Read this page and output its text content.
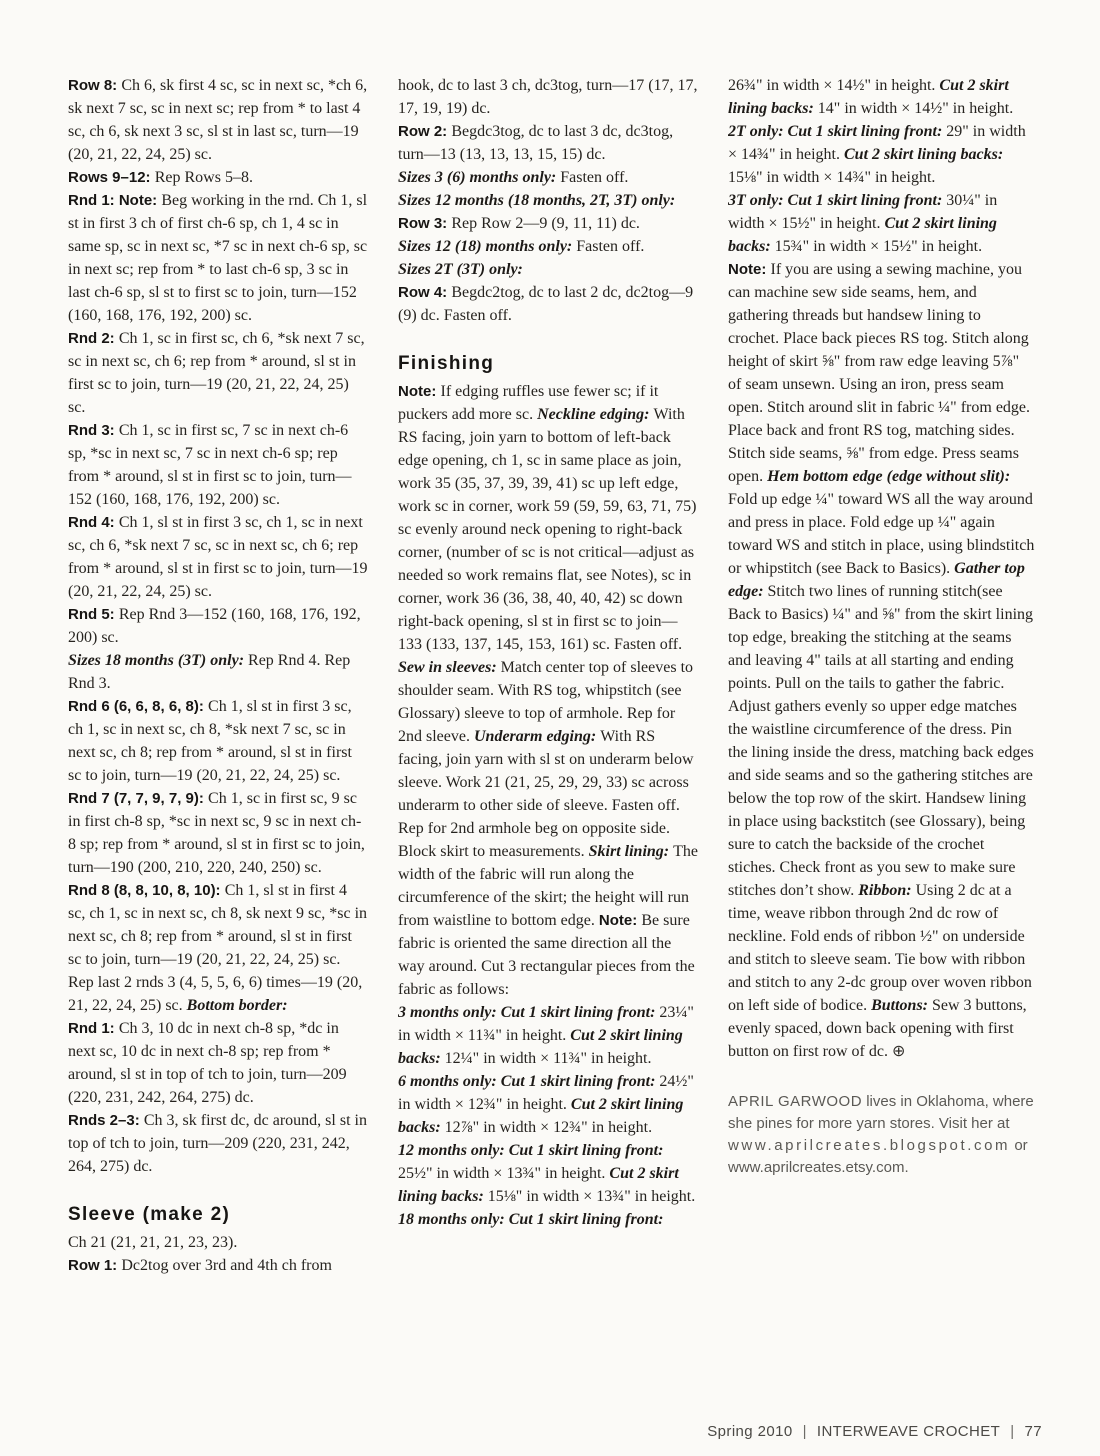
Row 8: Ch 6, sk first 4 sc, sc in next sc, *ch 6, sk next 7 sc, sc in next sc; rep from * to last 4 sc, ch 6, sk next 3 sc, sl st in last sc, turn—19 (20, 21, 22, 24, 25) sc.

Rows 9–12: Rep Rows 5–8.

Rnd 1: Note: Beg working in the rnd. Ch 1, sl st in first 3 ch of first ch-6 sp, ch 1, 4 sc in same sp, sc in next sc, *7 sc in next ch-6 sp, sc in next sc; rep from * to last ch-6 sp, 3 sc in last ch-6 sp, sl st to first sc to join, turn—152 (160, 168, 176, 192, 200) sc.

Rnd 2: Ch 1, sc in first sc, ch 6, *sk next 7 sc, sc in next sc, ch 6; rep from * around, sl st in first sc to join, turn—19 (20, 21, 22, 24, 25) sc.

Rnd 3: Ch 1, sc in first sc, 7 sc in next ch-6 sp, *sc in next sc, 7 sc in next ch-6 sp; rep from * around, sl st in first sc to join, turn—152 (160, 168, 176, 192, 200) sc.

Rnd 4: Ch 1, sl st in first 3 sc, ch 1, sc in next sc, ch 6, *sk next 7 sc, sc in next sc, ch 6; rep from * around, sl st in first sc to join, turn—19 (20, 21, 22, 24, 25) sc.

Rnd 5: Rep Rnd 3—152 (160, 168, 176, 192, 200) sc.

Sizes 18 months (3T) only: Rep Rnd 4. Rep Rnd 3.

Rnd 6 (6, 6, 8, 6, 8): Ch 1, sl st in first 3 sc, ch 1, sc in next sc, ch 8, *sk next 7 sc, sc in next sc, ch 8; rep from * around, sl st in first sc to join, turn—19 (20, 21, 22, 24, 25) sc.

Rnd 7 (7, 7, 9, 7, 9): Ch 1, sc in first sc, 9 sc in first ch-8 sp, *sc in next sc, 9 sc in next ch-8 sp; rep from * around, sl st in first sc to join, turn—190 (200, 210, 220, 240, 250) sc.

Rnd 8 (8, 8, 10, 8, 10): Ch 1, sl st in first 4 sc, ch 1, sc in next sc, ch 8, sk next 9 sc, *sc in next sc, ch 8; rep from * around, sl st in first sc to join, turn—19 (20, 21, 22, 24, 25) sc.

Rep last 2 rnds 3 (4, 5, 5, 6, 6) times—19 (20, 21, 22, 24, 25) sc. Bottom border:

Rnd 1: Ch 3, 10 dc in next ch-8 sp, *dc in next sc, 10 dc in next ch-8 sp; rep from * around, sl st in top of tch to join, turn—209 (220, 231, 242, 264, 275) dc.

Rnds 2–3: Ch 3, sk first dc, dc around, sl st in top of tch to join, turn—209 (220, 231, 242, 264, 275) dc.

Sleeve (make 2)

Ch 21 (21, 21, 21, 23, 23).

Row 1: Dc2tog over 3rd and 4th ch from

hook, dc to last 3 ch, dc3tog, turn—17 (17, 17, 17, 19, 19) dc.

Row 2: Begdc3tog, dc to last 3 dc, dc3tog, turn—13 (13, 13, 13, 15, 15) dc.

Sizes 3 (6) months only: Fasten off.

Sizes 12 months (18 months, 2T, 3T) only:

Row 3: Rep Row 2—9 (9, 11, 11) dc.

Sizes 12 (18) months only: Fasten off.

Sizes 2T (3T) only:

Row 4: Begdc2tog, dc to last 2 dc, dc2tog—9 (9) dc. Fasten off.

Finishing

Note: If edging ruffles use fewer sc; if it puckers add more sc. Neckline edging: With RS facing, join yarn to bottom of left-back edge opening, ch 1, sc in same place as join, work 35 (35, 37, 39, 39, 41) sc up left edge, work sc in corner, work 59 (59, 59, 63, 71, 75) sc evenly around neck opening to right-back corner, (number of sc is not critical—adjust as needed so work remains flat, see Notes), sc in corner, work 36 (36, 38, 40, 40, 42) sc down right-back opening, sl st in first sc to join—133 (133, 137, 145, 153, 161) sc. Fasten off. Sew in sleeves: Match center top of sleeves to shoulder seam. With RS tog, whipstitch (see Glossary) sleeve to top of armhole. Rep for 2nd sleeve. Underarm edging: With RS facing, join yarn with sl st on underarm below sleeve. Work 21 (21, 25, 29, 29, 33) sc across underarm to other side of sleeve. Fasten off. Rep for 2nd armhole beg on opposite side. Block skirt to measurements. Skirt lining: The width of the fabric will run along the circumference of the skirt; the height will run from waistline to bottom edge. Note: Be sure fabric is oriented the same direction all the way around. Cut 3 rectangular pieces from the fabric as follows:

3 months only: Cut 1 skirt lining front: 23¼" in width × 11¾" in height. Cut 2 skirt lining backs: 12¼" in width × 11¾" in height.

6 months only: Cut 1 skirt lining front: 24½" in width × 12¾" in height. Cut 2 skirt lining backs: 12⅞" in width × 12¾" in height.

12 months only: Cut 1 skirt lining front: 25½" in width × 13¾" in height. Cut 2 skirt lining backs: 15⅛" in width × 13¾" in height.

18 months only: Cut 1 skirt lining front:

26¾" in width × 14½" in height. Cut 2 skirt lining backs: 14" in width × 14½" in height.

2T only: Cut 1 skirt lining front: 29" in width × 14¾" in height. Cut 2 skirt lining backs: 15⅛" in width × 14¾" in height.

3T only: Cut 1 skirt lining front: 30¼" in width × 15½" in height. Cut 2 skirt lining backs: 15¾" in width × 15½" in height.

Note: If you are using a sewing machine, you can machine sew side seams, hem, and gathering threads but handsew lining to crochet. Place back pieces RS tog. Stitch along height of skirt ⅝" from raw edge leaving 5⅞" of seam unsewn. Using an iron, press seam open. Stitch around slit in fabric ¼" from edge. Place back and front RS tog, matching sides. Stitch side seams, ⅝" from edge. Press seams open. Hem bottom edge (edge without slit): Fold up edge ¼" toward WS all the way around and press in place. Fold edge up ¼" again toward WS and stitch in place, using blindstitch or whipstitch (see Back to Basics). Gather top edge: Stitch two lines of running stitch(see Back to Basics) ¼" and ⅝" from the skirt lining top edge, breaking the stitching at the seams and leaving 4" tails at all starting and ending points. Pull on the tails to gather the fabric. Adjust gathers evenly so upper edge matches the waistline circumference of the dress. Pin the lining inside the dress, matching back edges and side seams and so the gathering stitches are below the top row of the skirt. Handsew lining in place using backstitch (see Glossary), being sure to catch the backside of the crochet stiches. Check front as you sew to make sure stitches don’t show. Ribbon: Using 2 dc at a time, weave ribbon through 2nd dc row of neckline. Fold ends of ribbon ½" on underside and stitch to sleeve seam. Tie bow with ribbon and stitch to any 2-dc group over woven ribbon on left side of bodice. Buttons: Sew 3 buttons, evenly spaced, down back opening with first button on first row of dc. ⊕

APRIL GARWOOD lives in Oklahoma, where she pines for more yarn stores. Visit her at www.aprilcreates.blogspot.com or www.aprilcreates.etsy.com.

Spring 2010 | INTERWEAVE CROCHET | 77
